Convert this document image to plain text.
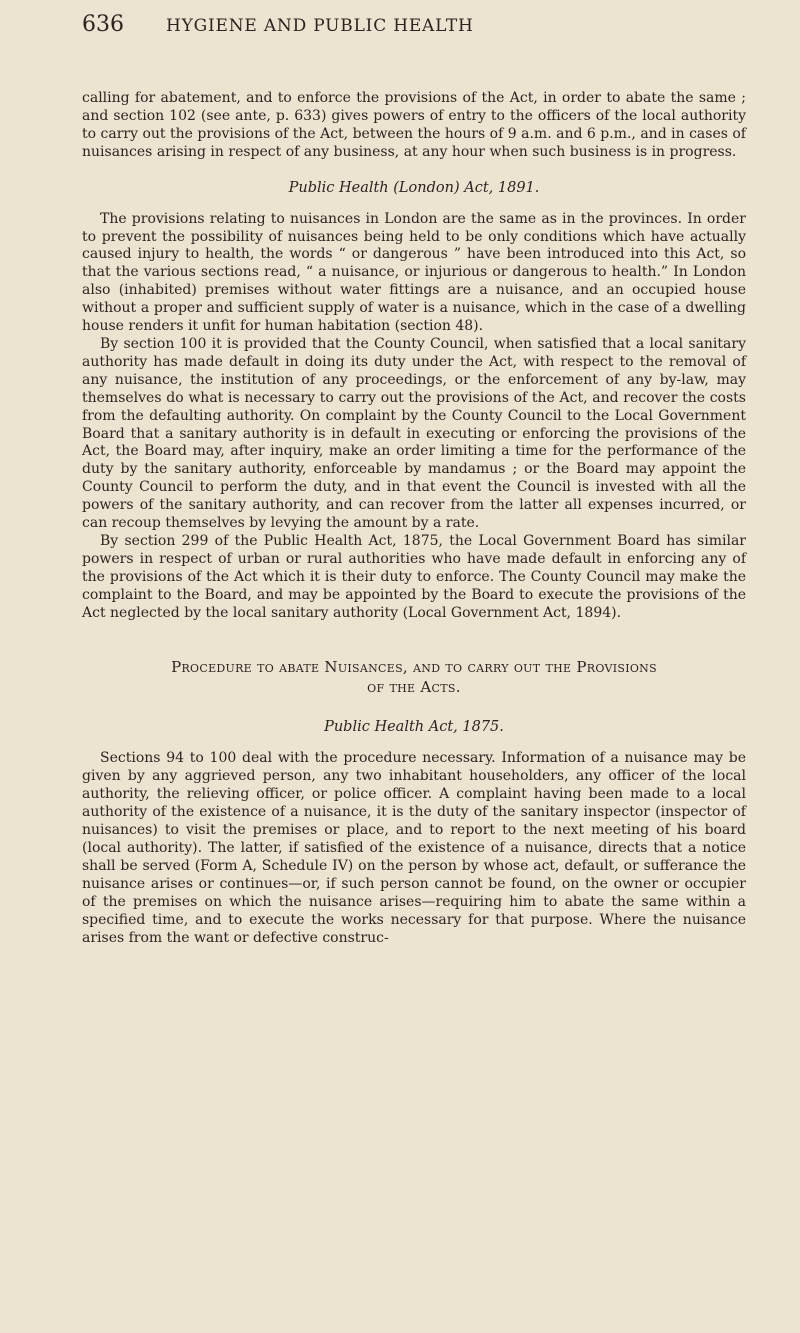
636	HYGIENE AND PUBLIC HEALTH

calling for abatement, and to enforce the provisions of the Act, in order to abate the same ; and section 102 (see ante, p. 633) gives powers of entry to the officers of the local authority to carry out the provisions of the Act, between the hours of 9 a.m. and 6 p.m., and in cases of nuisances arising in respect of any business, at any hour when such business is in progress.

Public Health (London) Act, 1891.

The provisions relating to nuisances in London are the same as in the provinces. In order to prevent the possibility of nuisances being held to be only conditions which have actually caused injury to health, the words “ or dangerous ” have been introduced into this Act, so that the various sections read, “ a nuisance, or injurious or dangerous to health.” In London also (inhabited) premises without water fittings are a nuisance, and an occupied house without a proper and sufficient supply of water is a nuisance, which in the case of a dwelling house renders it unfit for human habitation (section 48).

By section 100 it is provided that the County Council, when satisfied that a local sanitary authority has made default in doing its duty under the Act, with respect to the removal of any nuisance, the institution of any proceedings, or the enforcement of any by-law, may themselves do what is necessary to carry out the provisions of the Act, and recover the costs from the defaulting authority. On complaint by the County Council to the Local Government Board that a sanitary authority is in default in executing or enforcing the provisions of the Act, the Board may, after inquiry, make an order limiting a time for the performance of the duty by the sanitary authority, enforceable by mandamus ; or the Board may appoint the County Council to perform the duty, and in that event the Council is invested with all the powers of the sanitary authority, and can recover from the latter all expenses incurred, or can recoup themselves by levying the amount by a rate.

By section 299 of the Public Health Act, 1875, the Local Government Board has similar powers in respect of urban or rural authorities who have made default in enforcing any of the provisions of the Act which it is their duty to enforce. The County Council may make the complaint to the Board, and may be appointed by the Board to execute the provisions of the Act neglected by the local sanitary authority (Local Government Act, 1894).

Procedure to abate Nuisances, and to carry out the Provisions
of the Acts.
Public Health Act, 1875.

Sections 94 to 100 deal with the procedure necessary. Information of a nuisance may be given by any aggrieved person, any two inhabitant householders, any officer of the local authority, the relieving officer, or police officer. A complaint having been made to a local authority of the existence of a nuisance, it is the duty of the sanitary inspector (inspector of nuisances) to visit the premises or place, and to report to the next meeting of his board (local authority). The latter, if satisfied of the existence of a nuisance, directs that a notice shall be served (Form A, Schedule IV) on the person by whose act, default, or sufferance the nuisance arises or continues—or, if such person cannot be found, on the owner or occupier of the premises on which the nuisance arises—requiring him to abate the same within a specified time, and to execute the works necessary for that purpose. Where the nuisance arises from the want or defective construc-
